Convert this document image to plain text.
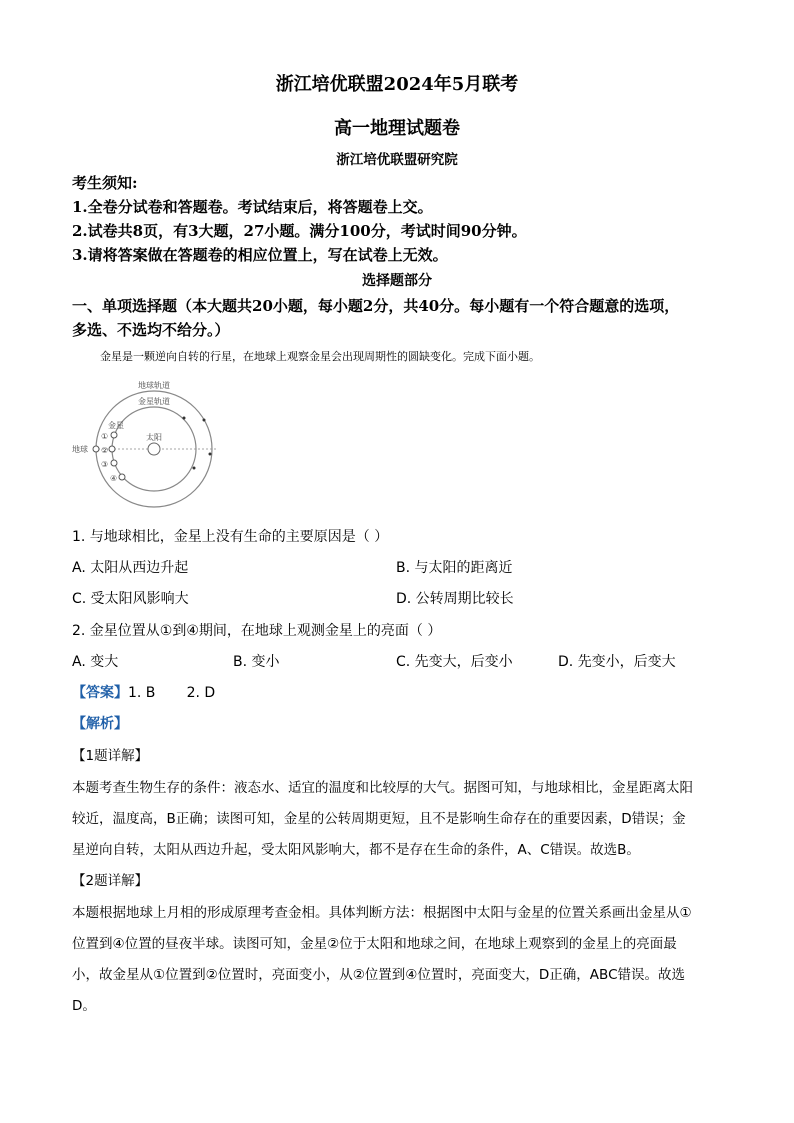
浙江培优联盟2024年5月联考
高一地理试题卷
浙江培优联盟研究院
考生须知:
1.全卷分试卷和答题卷。考试结束后，将答题卷上交。
2.试卷共8页，有3大题，27小题。满分100分，考试时间90分钟。
3.请将答案做在答题卷的相应位置上，写在试卷上无效。
选择题部分
一、单项选择题（本大题共20小题，每小题2分，共40分。每小题有一个符合题意的选项，
多选、不选均不给分。）
金星是一颗逆向自转的行星，在地球上观察金星会出现周期性的圆缺变化。完成下面小题。
地球轨道
金星轨道
金星
太阳
地球
①
②
③
④
1. 与地球相比，金星上没有生命的主要原因是（ ）
A. 太阳从西边升起	B. 与太阳的距离近
C. 受太阳风影响大	D. 公转周期比较长
2. 金星位置从①到④期间，在地球上观测金星上的亮面（ ）
A. 变大	B. 变小	C. 先变大，后变小	D. 先变小，后变大
【答案】1. B       2. D
【解析】
【1题详解】
本题考查生物生存的条件：液态水、适宜的温度和比较厚的大气。据图可知，与地球相比，金星距离太阳
较近，温度高，B正确；读图可知，金星的公转周期更短，且不是影响生命存在的重要因素，D错误；金
星逆向自转，太阳从西边升起，受太阳风影响大，都不是存在生命的条件，A、C错误。故选B。
【2题详解】
本题根据地球上月相的形成原理考查金相。具体判断方法：根据图中太阳与金星的位置关系画出金星从①
位置到④位置的昼夜半球。读图可知，金星②位于太阳和地球之间，在地球上观察到的金星上的亮面最
小，故金星从①位置到②位置时，亮面变小，从②位置到④位置时，亮面变大，D正确，ABC错误。故选
D。
